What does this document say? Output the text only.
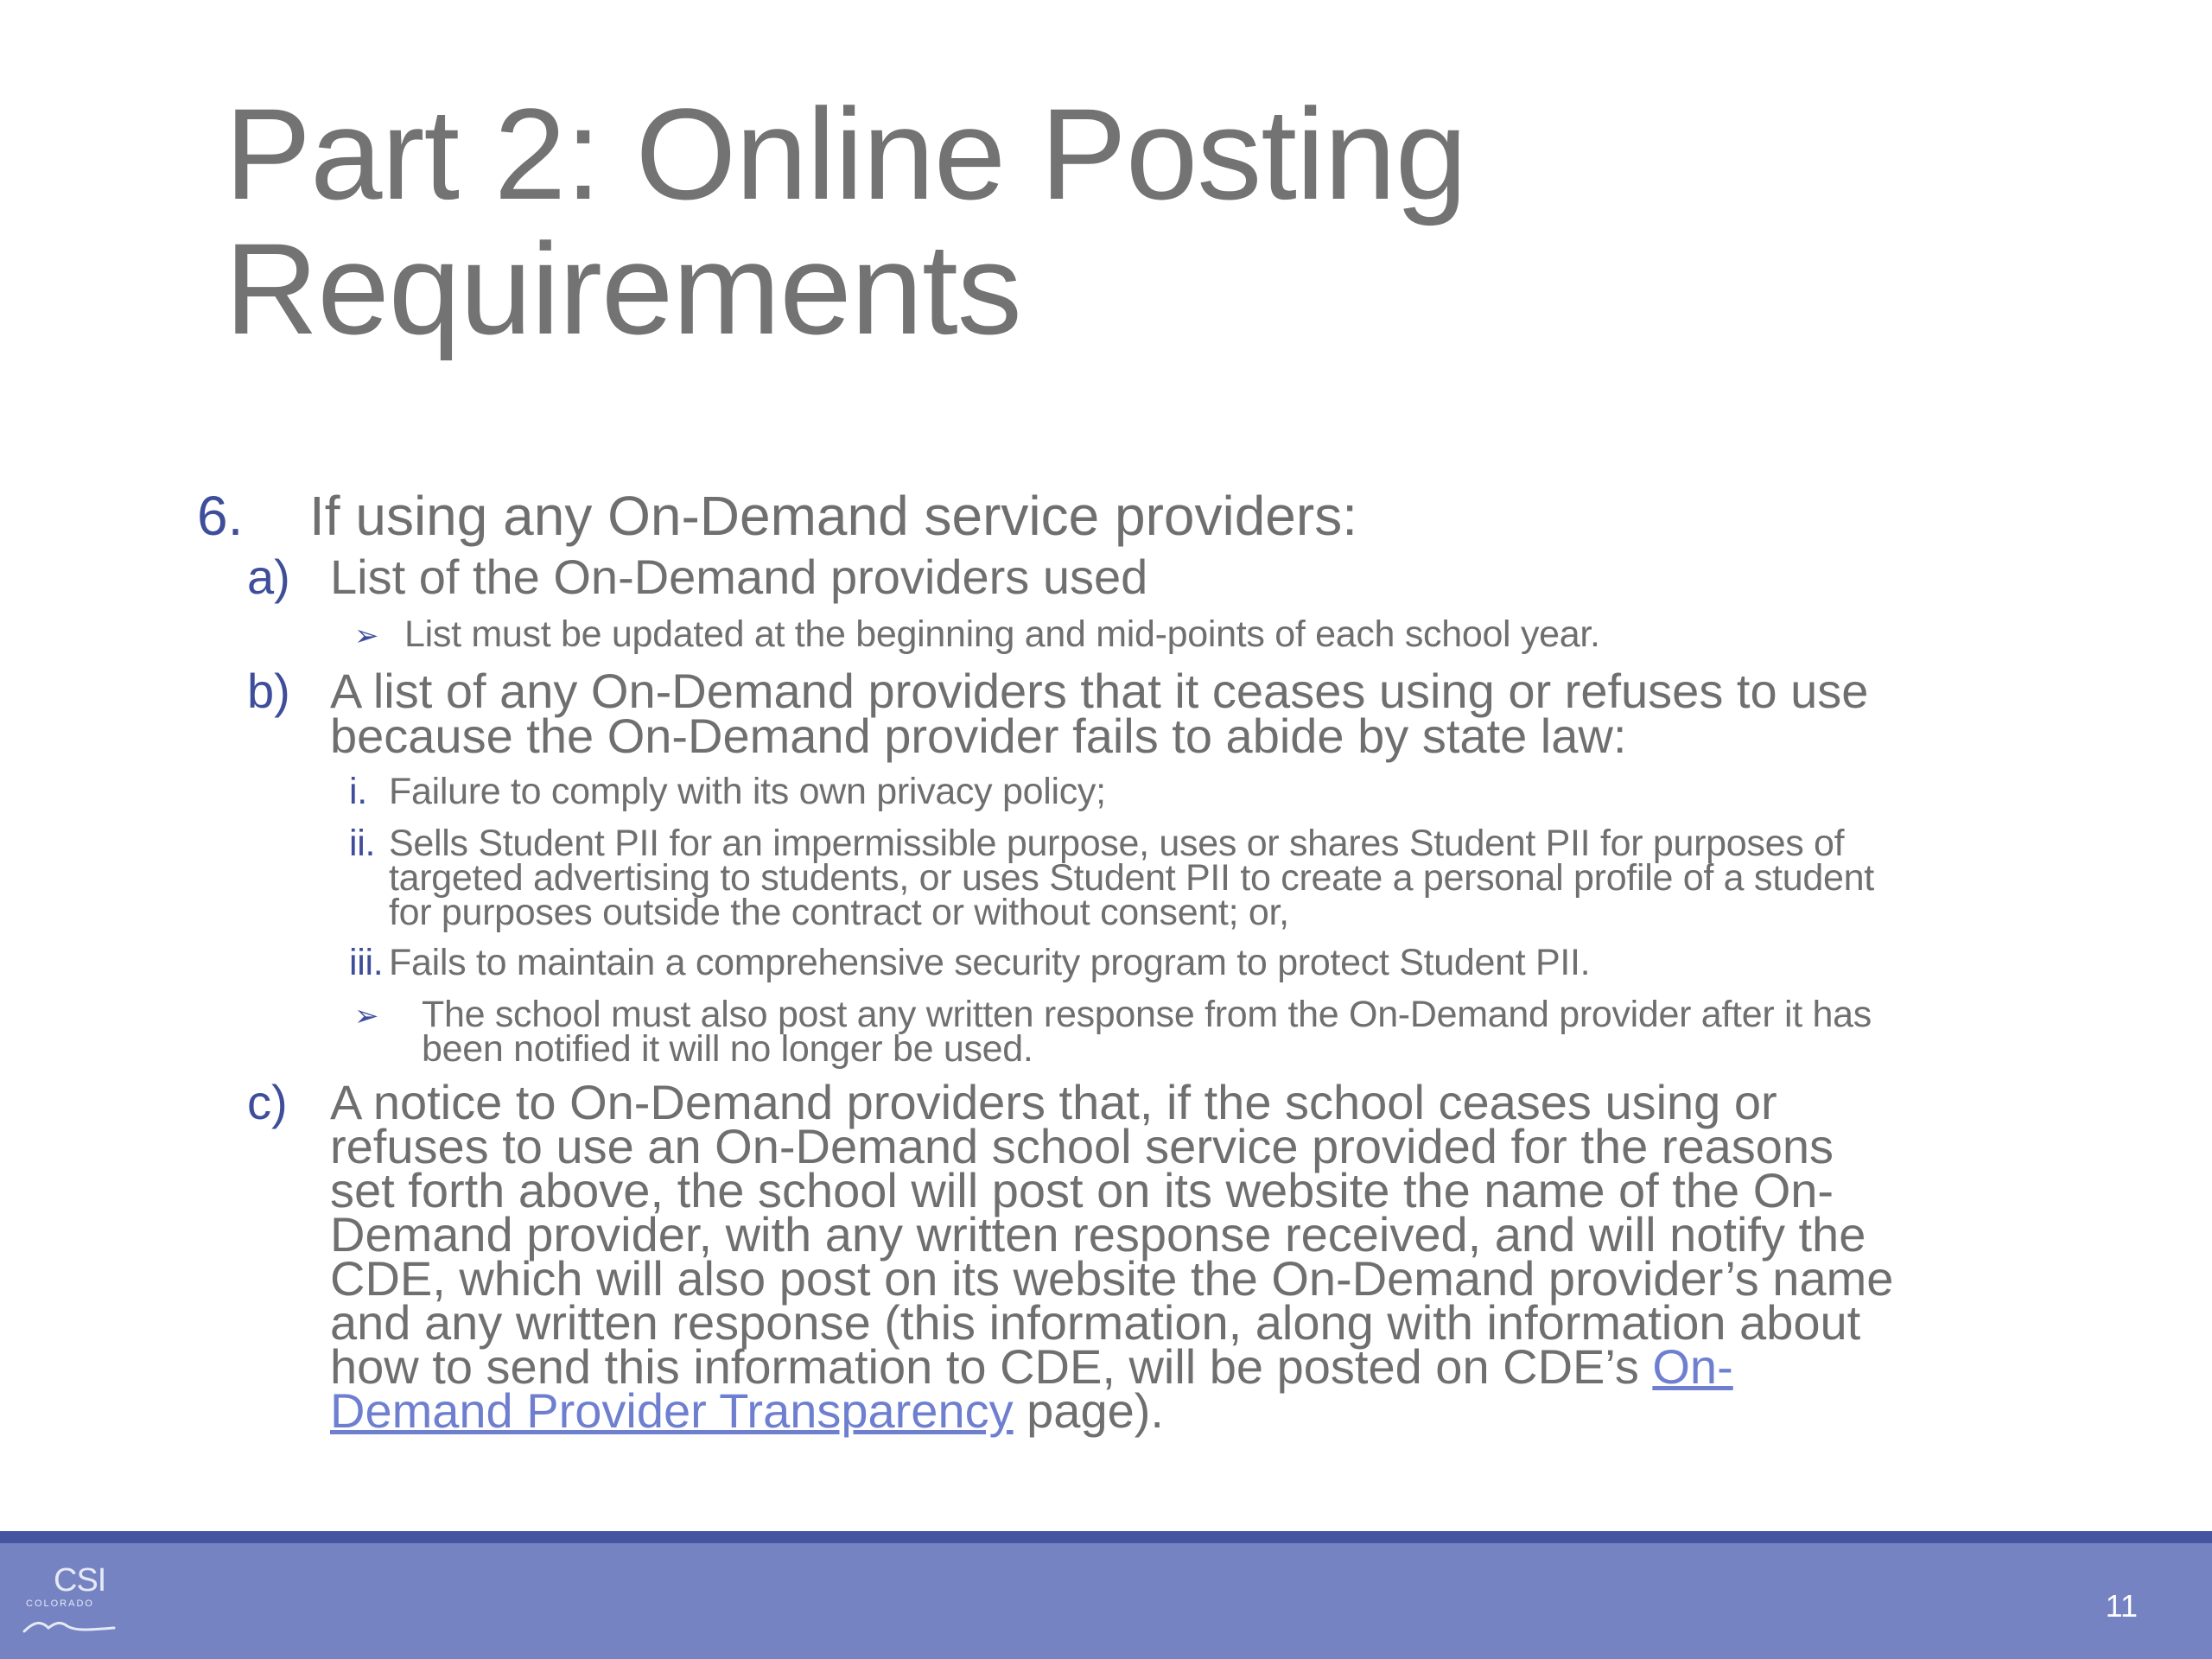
Part 2: Online Posting
Requirements
6. If using any On-Demand service providers:
a) List of the On-Demand providers used
➢ List must be updated at the beginning and mid-points of each school year.
b) A list of any On-Demand providers that it ceases using or refuses to use
because the On-Demand provider fails to abide by state law:
i. Failure to comply with its own privacy policy;
ii. Sells Student PII for an impermissible purpose, uses or shares Student PII for purposes of
targeted advertising to students, or uses Student PII to create a personal profile of a student
for purposes outside the contract or without consent; or,
iii. Fails to maintain a comprehensive security program to protect Student PII.
➢ The school must also post any written response from the On-Demand provider after it has
been notified it will no longer be used.
c) A notice to On-Demand providers that, if the school ceases using or
refuses to use an On-Demand school service provided for the reasons
set forth above, the school will post on its website the name of the On-
Demand provider, with any written response received, and will notify the
CDE, which will also post on its website the On-Demand provider’s name
and any written response (this information, along with information about
how to send this information to CDE, will be posted on CDE’s On-
Demand Provider Transparency page).
CSI
COLORADO	11
